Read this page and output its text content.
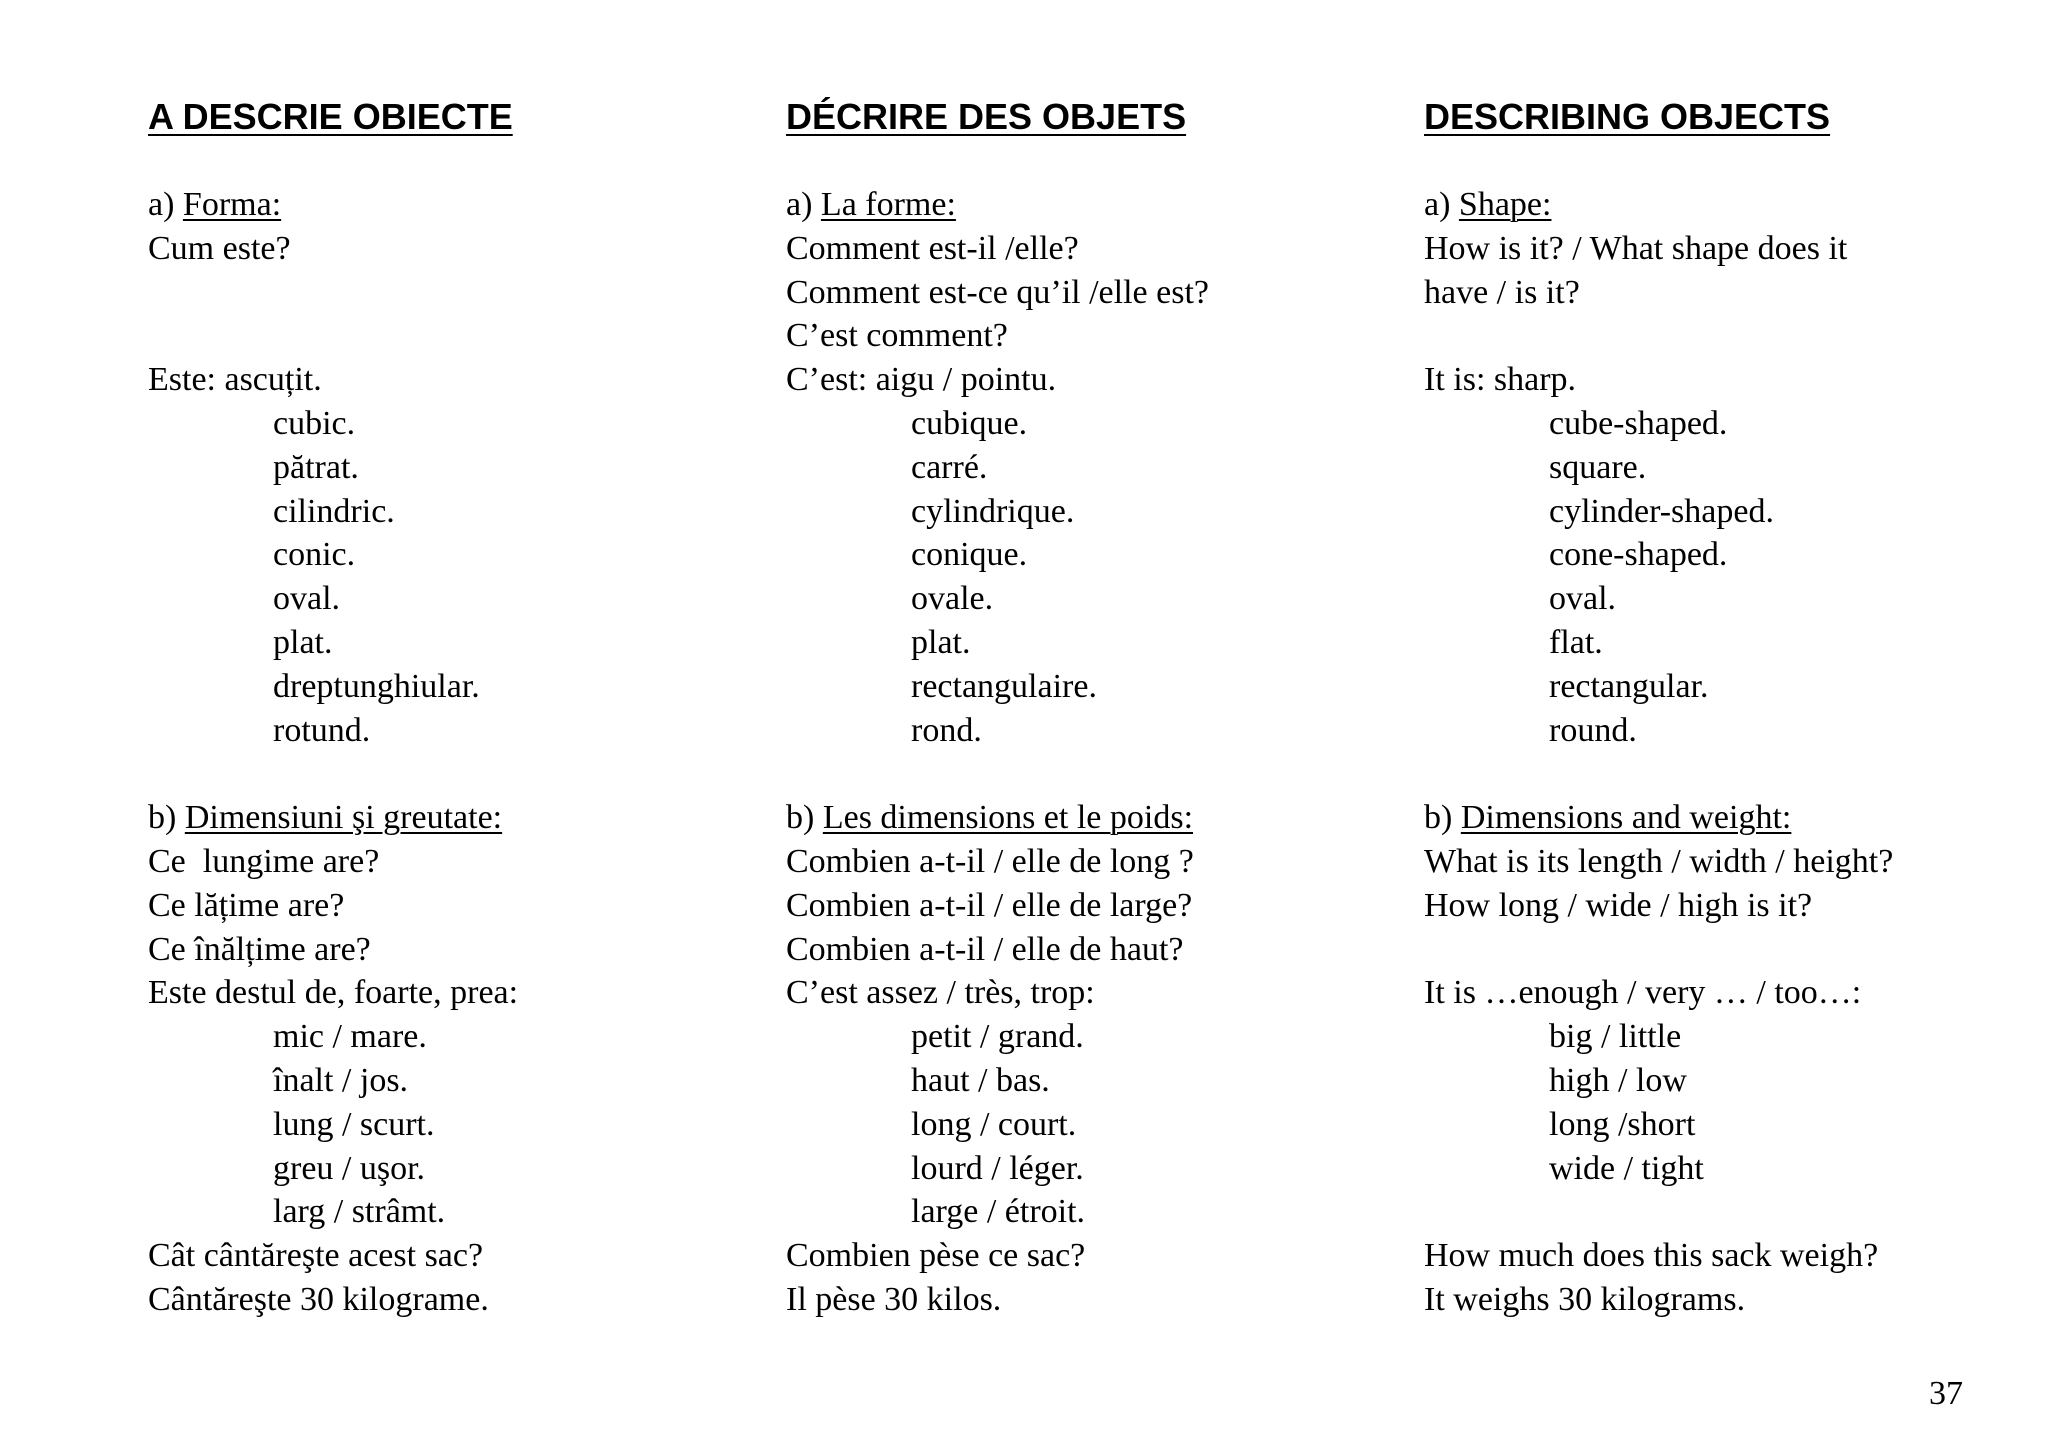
A DESCRIE OBIECTE
a) Forma:
Cum este?
Este: ascuțit.
cubic.
pătrat.
cilindric.
conic.
oval.
plat.
dreptunghiular.
rotund.
b) Dimensiuni şi greutate:
Ce  lungime are?
Ce lățime are?
Ce înălțime are?
Este destul de, foarte, prea:
mic / mare.
înalt / jos.
lung / scurt.
greu / uşor.
larg / strâmt.
Cât cântăreşte acest sac?
Cântăreşte 30 kilograme.
DÉCRIRE DES OBJETS
a) La forme:
Comment est-il /elle?
Comment est-ce qu’il /elle est?
C’est comment?
C’est: aigu / pointu.
cubique.
carré.
cylindrique.
conique.
ovale.
plat.
rectangulaire.
rond.
b) Les dimensions et le poids:
Combien a-t-il / elle de long ?
Combien a-t-il / elle de large?
Combien a-t-il / elle de haut?
C’est assez / très, trop:
petit / grand.
haut / bas.
long / court.
lourd / léger.
large / étroit.
Combien pèse ce sac?
Il pèse 30 kilos.
DESCRIBING OBJECTS
a) Shape:
How is it? / What shape does it
have / is it?
It is: sharp.
cube-shaped.
square.
cylinder-shaped.
cone-shaped.
oval.
flat.
rectangular.
round.
b) Dimensions and weight:
What is its length / width / height?
How long / wide / high is it?
It is …enough / very … / too…:
big / little
high / low
long /short
wide / tight
How much does this sack weigh?
It weighs 30 kilograms.
37
